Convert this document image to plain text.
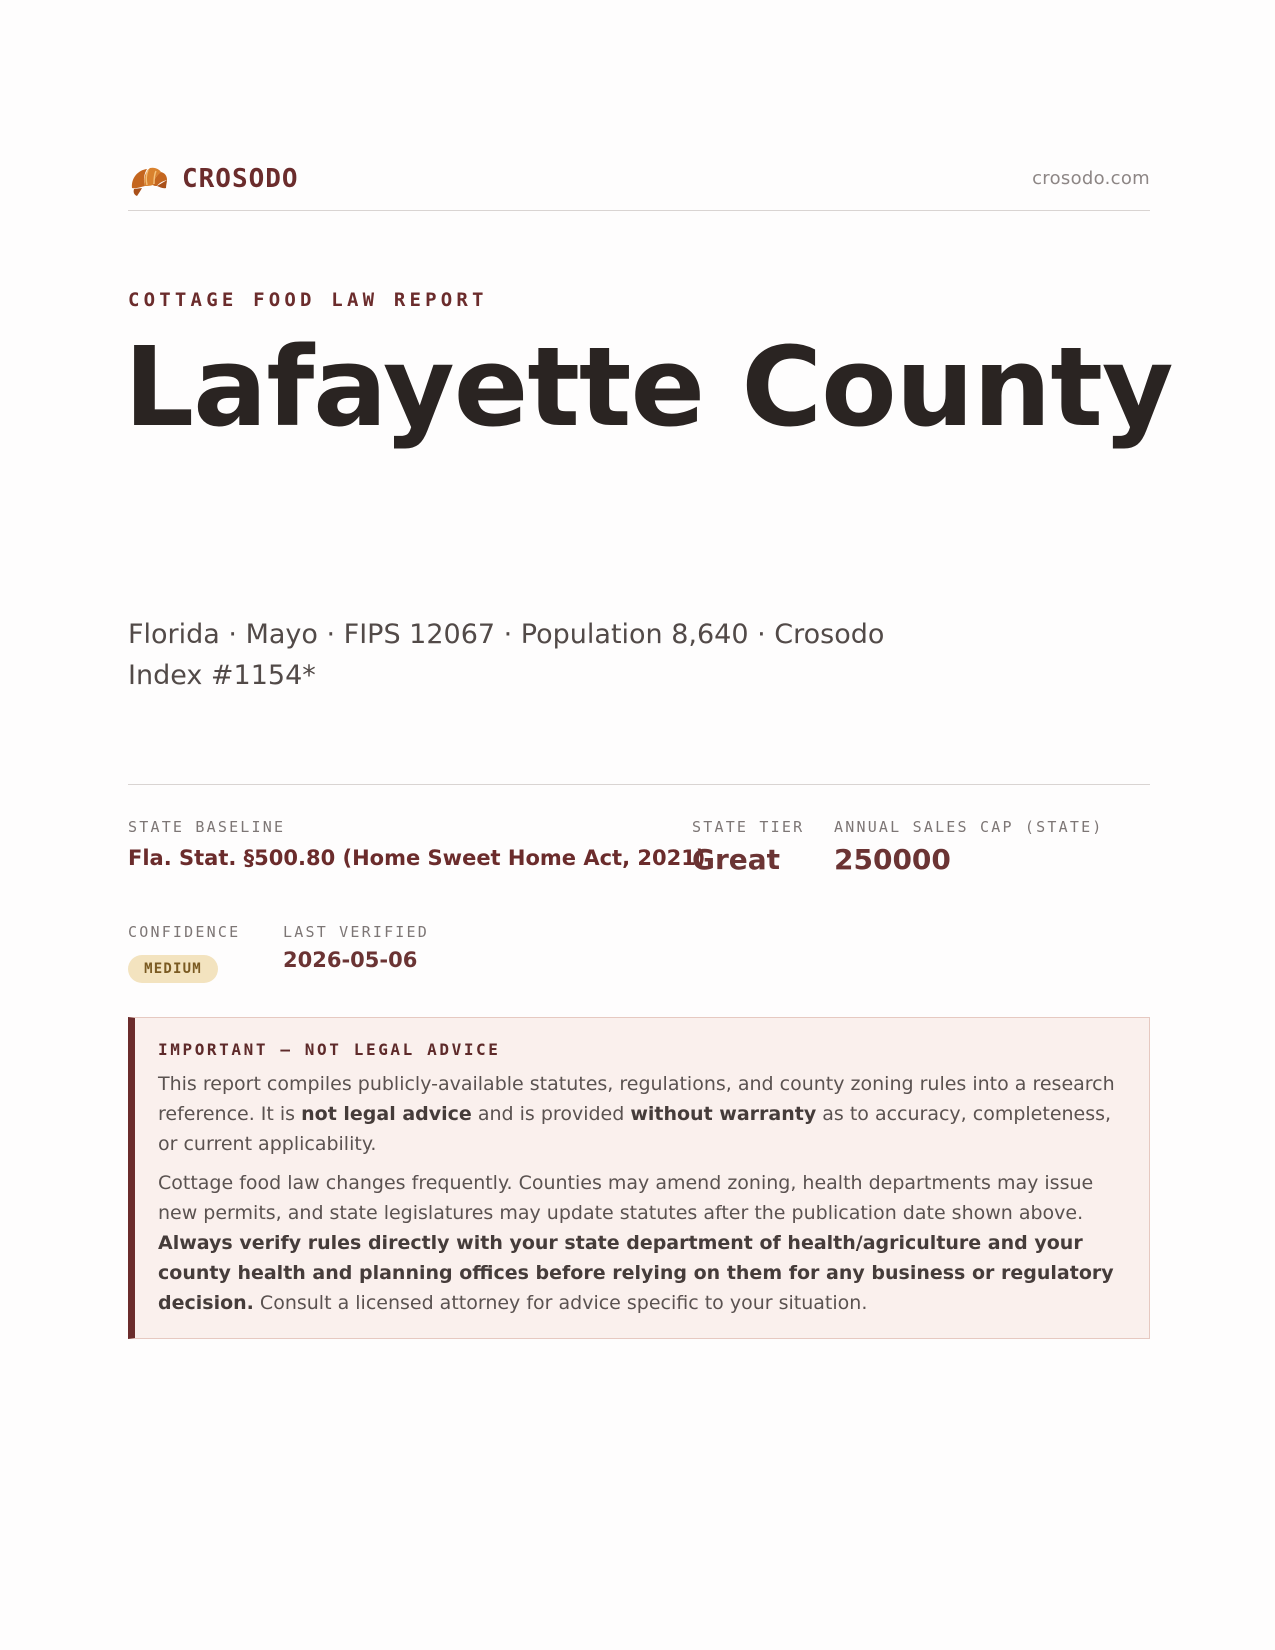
CROSODO	crosodo.com
COTTAGE FOOD LAW REPORT
Lafayette County
Florida · Mayo · FIPS 12067 · Population 8,640 · Crosodo Index #1154*
STATE BASELINE
Fla. Stat. §500.80 (Home Sweet Home Act, 2021)
STATE TIER
Great
ANNUAL SALES CAP (STATE)
250000
CONFIDENCE
MEDIUM
LAST VERIFIED
2026-05-06
IMPORTANT — NOT LEGAL ADVICE

This report compiles publicly-available statutes, regulations, and county zoning rules into a research reference. It is not legal advice and is provided without warranty as to accuracy, completeness, or current applicability.

Cottage food law changes frequently. Counties may amend zoning, health departments may issue new permits, and state legislatures may update statutes after the publication date shown above. Always verify rules directly with your state department of health/agriculture and your county health and planning offices before relying on them for any business or regulatory decision. Consult a licensed attorney for advice specific to your situation.
